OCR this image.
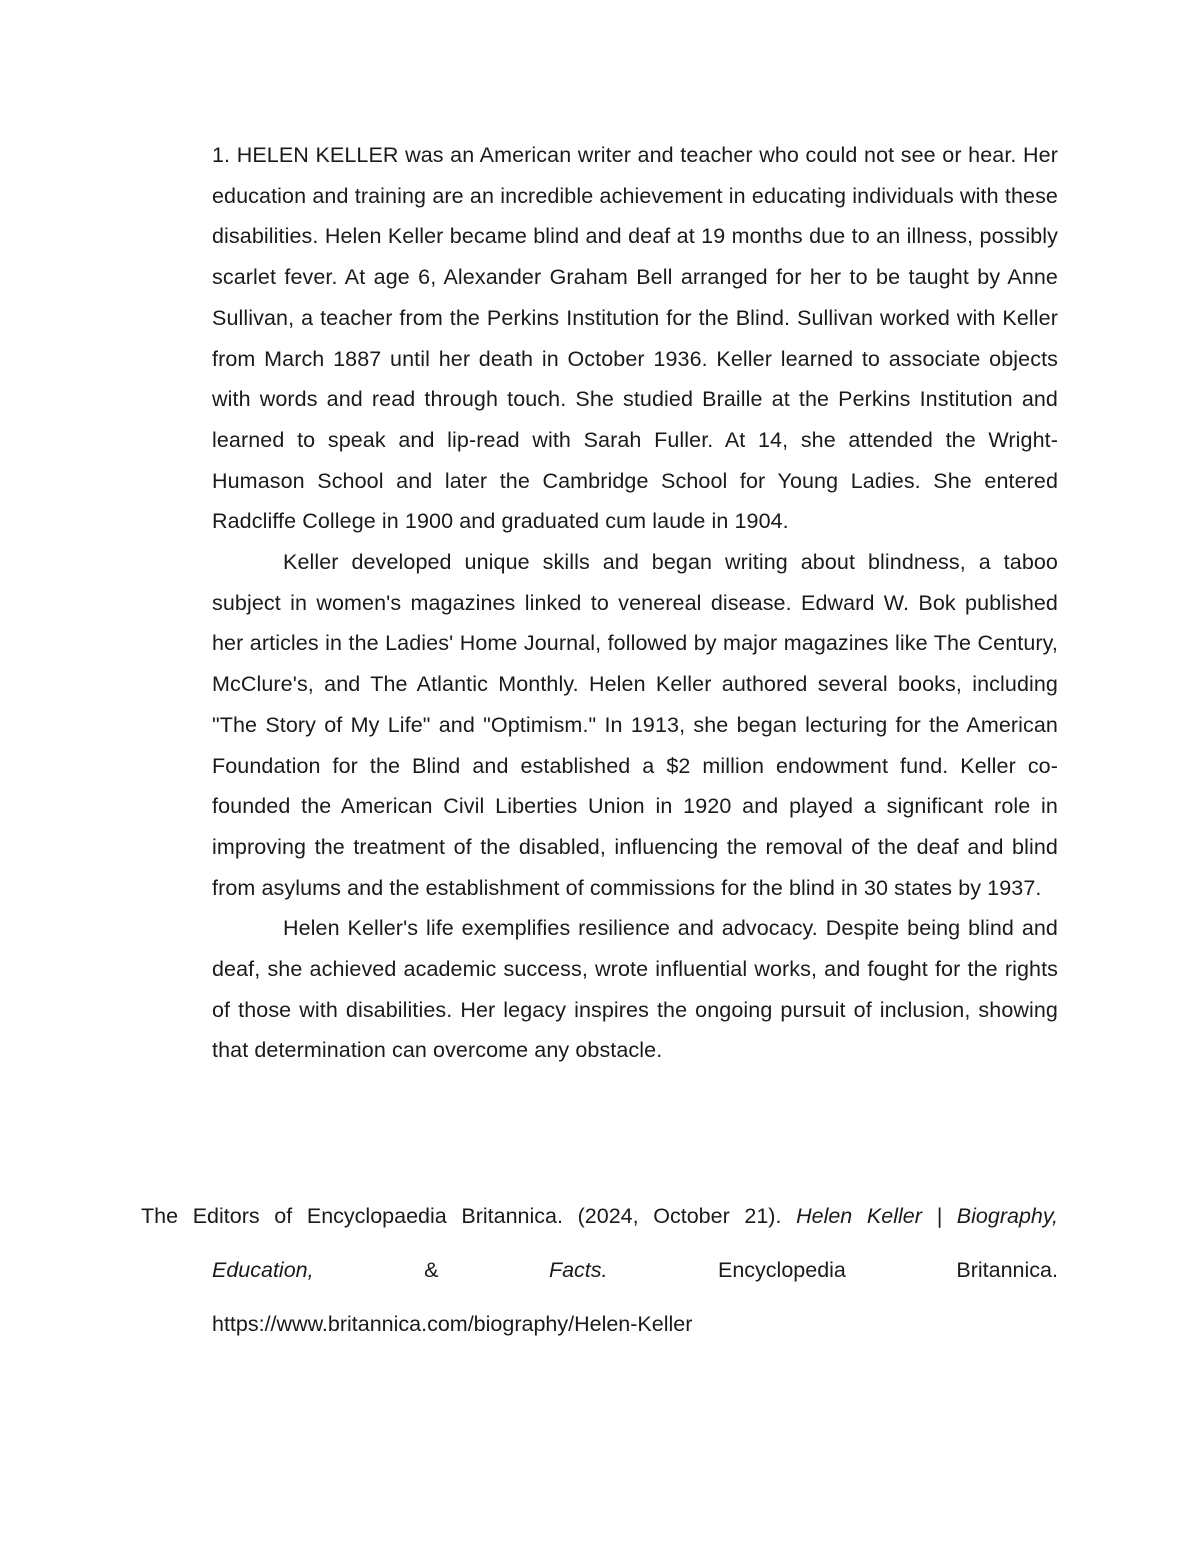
1. HELEN KELLER was an American writer and teacher who could not see or hear. Her education and training are an incredible achievement in educating individuals with these disabilities. Helen Keller became blind and deaf at 19 months due to an illness, possibly scarlet fever. At age 6, Alexander Graham Bell arranged for her to be taught by Anne Sullivan, a teacher from the Perkins Institution for the Blind. Sullivan worked with Keller from March 1887 until her death in October 1936. Keller learned to associate objects with words and read through touch. She studied Braille at the Perkins Institution and learned to speak and lip-read with Sarah Fuller. At 14, she attended the Wright-Humason School and later the Cambridge School for Young Ladies. She entered Radcliffe College in 1900 and graduated cum laude in 1904.

Keller developed unique skills and began writing about blindness, a taboo subject in women's magazines linked to venereal disease. Edward W. Bok published her articles in the Ladies' Home Journal, followed by major magazines like The Century, McClure's, and The Atlantic Monthly. Helen Keller authored several books, including "The Story of My Life" and "Optimism." In 1913, she began lecturing for the American Foundation for the Blind and established a $2 million endowment fund. Keller co-founded the American Civil Liberties Union in 1920 and played a significant role in improving the treatment of the disabled, influencing the removal of the deaf and blind from asylums and the establishment of commissions for the blind in 30 states by 1937.

Helen Keller's life exemplifies resilience and advocacy. Despite being blind and deaf, she achieved academic success, wrote influential works, and fought for the rights of those with disabilities. Her legacy inspires the ongoing pursuit of inclusion, showing that determination can overcome any obstacle.

The Editors of Encyclopaedia Britannica. (2024, October 21). Helen Keller | Biography,
Education,	&	Facts.	Encyclopedia	Britannica.
https://www.britannica.com/biography/Helen-Keller
